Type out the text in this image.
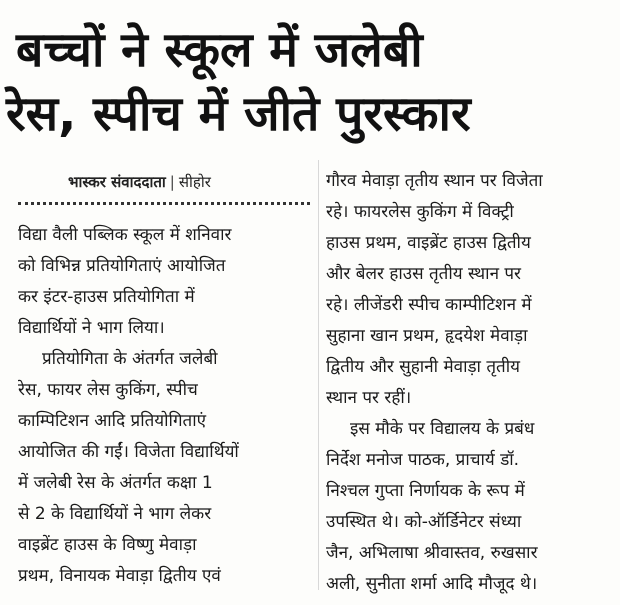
बच्चों ने स्कूल में जलेबी
रेस, स्पीच में जीते पुरस्कार
भास्कर संवाददाता | सीहोर
विद्या वैली पब्लिक स्कूल में शनिवार
को विभिन्न प्रतियोगिताएं आयोजित
कर इंटर-हाउस प्रतियोगिता में
विद्यार्थियों ने भाग लिया।
प्रतियोगिता के अंतर्गत जलेबी
रेस, फायर लेस कुकिंग, स्पीच
काम्पिटिशन आदि प्रतियोगिताएं
आयोजित की गईं। विजेता विद्यार्थियों
में जलेबी रेस के अंतर्गत कक्षा 1
से 2 के विद्यार्थियों ने भाग लेकर
वाइब्रेंट हाउस के विष्णु मेवाड़ा
प्रथम, विनायक मेवाड़ा द्वितीय एवं
गौरव मेवाड़ा तृतीय स्थान पर विजेता
रहे। फायरलेस कुकिंग में विक्ट्री
हाउस प्रथम, वाइब्रेंट हाउस द्वितीय
और बेलर हाउस तृतीय स्थान पर
रहे। लीजेंडरी स्पीच काम्पीटिशन में
सुहाना खान प्रथम, हृदयेश मेवाड़ा
द्वितीय और सुहानी मेवाड़ा तृतीय
स्थान पर रहीं।
इस मौके पर विद्यालय के प्रबंध
निर्देश मनोज पाठक, प्राचार्य डॉ.
निश्चल गुप्ता निर्णायक के रूप में
उपस्थित थे। को-ऑर्डिनेटर संध्या
जैन, अभिलाषा श्रीवास्तव, रुखसार
अली, सुनीता शर्मा आदि मौजूद थे।
